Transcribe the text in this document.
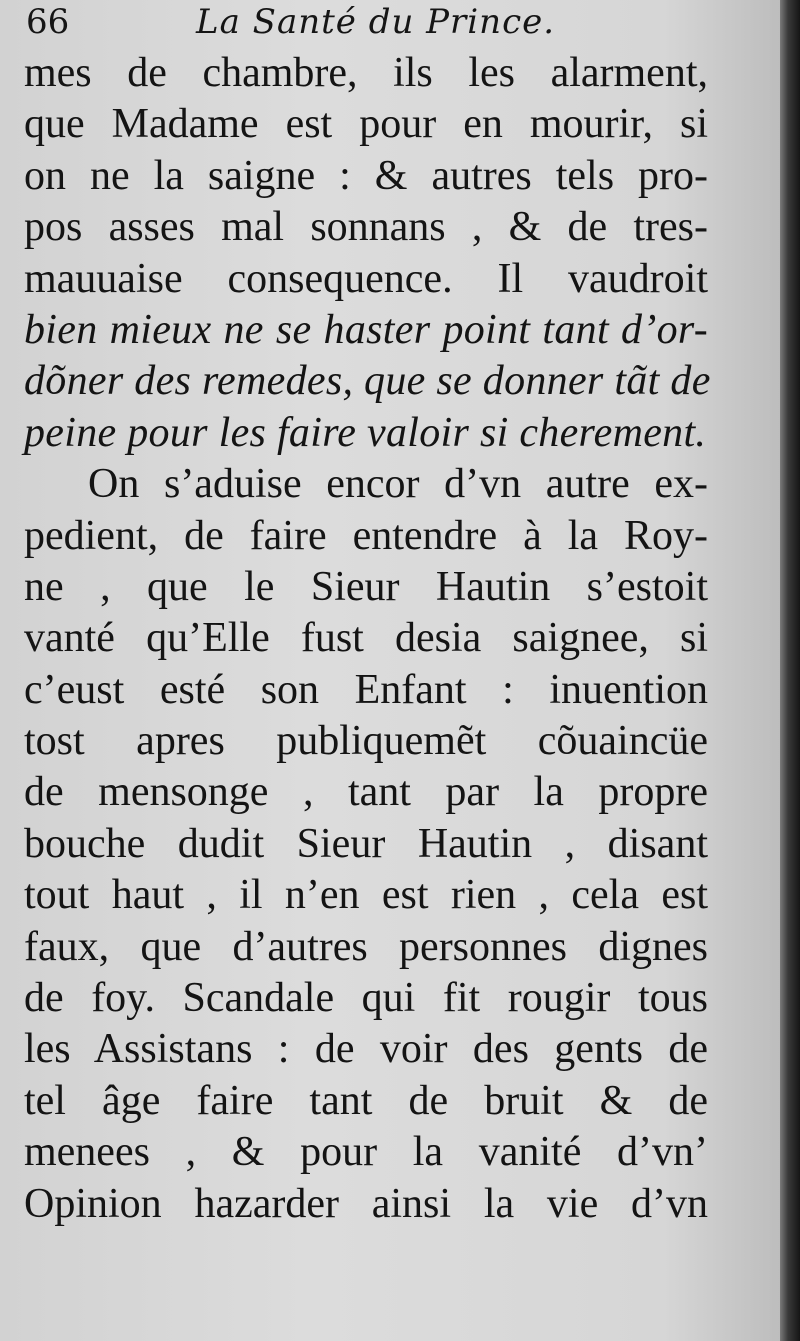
66	La Santé du Prince.
mes de chambre, ils les alarment,
que Madame est pour en mourir, si
on ne la saigne : & autres tels pro-
pos asses mal sonnans , & de tres-
mauuaise consequence. Il vaudroit
bien mieux ne se haster point tant d’or-
dõner des remedes, que se donner tãt de
peine pour les faire valoir si cherement.
On s’aduise encor d’vn autre ex-
pedient, de faire entendre à la Roy-
ne , que le Sieur Hautin s’estoit
vanté qu’Elle fust desia saignee, si
c’eust esté son Enfant : inuention
tost apres publiquemẽt cõuaincüe
de mensonge , tant par la propre
bouche dudit Sieur Hautin , disant
tout haut , il n’en est rien , cela est
faux, que d’autres personnes dignes
de foy. Scandale qui fit rougir tous
les Assistans : de voir des gents de
tel âge faire tant de bruit & de
menees , & pour la vanité d’vn’
Opinion hazarder ainsi la vie d’vn
